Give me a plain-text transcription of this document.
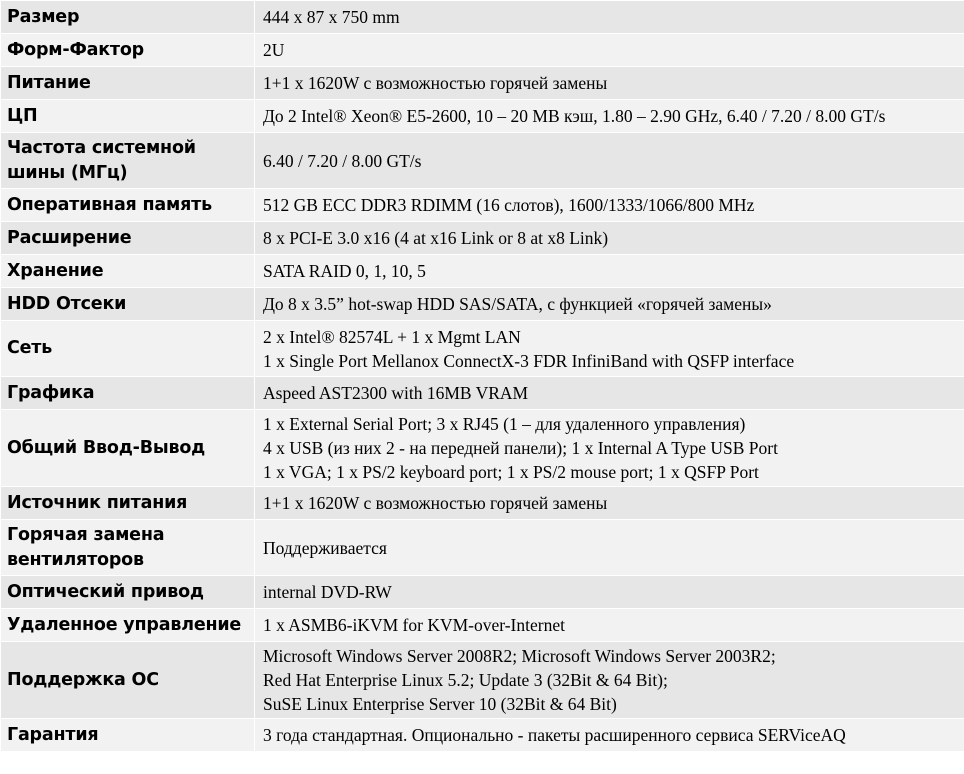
Размер	444 x 87 x 750 mm

Форм-Фактор	2U

Питание	1+1 x 1620W с возможностью горячей замены

ЦП	До 2 Intel® Xeon® E5-2600, 10 – 20 MB кэш, 1.80 – 2.90 GHz, 6.40 / 7.20 / 8.00 GT/s

Частота системной шины (МГц)	6.40 / 7.20 / 8.00 GT/s

Оперативная память	512 GB ECC DDR3 RDIMM (16 слотов), 1600/1333/1066/800 MHz

Расширение	8 x PCI-E 3.0 x16 (4 at x16 Link or 8 at x8 Link)

Хранение	SATA RAID 0, 1, 10, 5

HDD Отсеки	До 8 x 3.5” hot-swap HDD SAS/SATA, с функцией «горячей замены»

Сеть	2 x Intel® 82574L + 1 x Mgmt LAN
1 x Single Port Mellanox ConnectX-3 FDR InfiniBand with QSFP interface

Графика	Aspeed AST2300 with 16MB VRAM

Общий Ввод-Вывод	1 x External Serial Port; 3 x RJ45 (1 – для удаленного управления)
4 x USB (из них 2 - на передней панели); 1 x Internal A Type USB Port
1 x VGA; 1 x PS/2 keyboard port; 1 x PS/2 mouse port; 1 x QSFP Port

Источник питания	1+1 x 1620W с возможностью горячей замены

Горячая замена вентиляторов	Поддерживается

Оптический привод	internal DVD-RW

Удаленное управление	1 x ASMB6-iKVM for KVM-over-Internet

Поддержка ОС	Microsoft Windows Server 2008R2; Microsoft Windows Server 2003R2;
Red Hat Enterprise Linux 5.2; Update 3 (32Bit & 64 Bit);
SuSE Linux Enterprise Server 10 (32Bit & 64 Bit)

Гарантия	3 года стандартная. Опционально - пакеты расширенного сервиса SERViceAQ
